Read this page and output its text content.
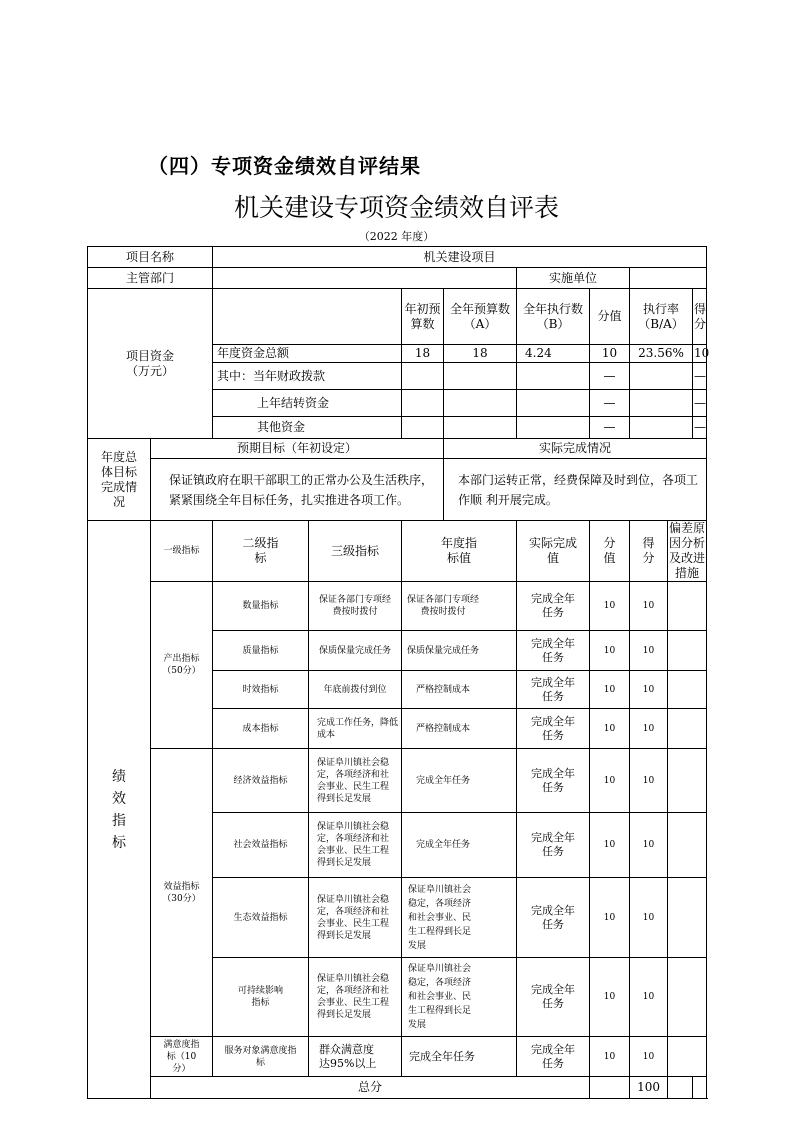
（四）专项资金绩效自评结果
机关建设专项资金绩效自评表
（2022 年度）
项目名称		机关建设项目								
主管部门						实施单位			
项目资金
（万元）				年初预算数	全年预算数（A）	全年执行数（B）	分值	执行率（B/A）		得分
		年度资金总额		18	18	4.24	10	23.56%		10
		其中：当年财政拨款					—			—
		上年结转资金					—			—
		其他资金					—			—
年度总体目标完成情况	预期目标（年初设定）				实际完成情况					
	保证镇政府在职干部职工的正常办公及生活秩序，紧紧围绕全年目标任务，扎实推进各项工作。				本部门运转正常，经费保障及时到位，各项工作顺 利开展完成。					
绩效指标	一级指标	二级指标	三级指标	年度指标值		实际完成值	分值	得分	偏差原因分析及改进措施	
	产出指标（50分）	数量指标	保证各部门专项经费按时拨付	保证各部门专项经费按时拨付		完成全年任务	10	10		
		质量指标	保质保量完成任务	保质保量完成任务		完成全年任务	10	10		
		时效指标	年底前拨付到位	严格控制成本		完成全年任务	10	10		
		成本指标	完成工作任务，降低成本	严格控制成本		完成全年任务	10	10		
	效益指标（30分）	经济效益指标	保证阜川镇社会稳定，各项经济和社会事业、民生工程得到长足发展	完成全年任务		完成全年任务	10	10		
		社会效益指标	保证阜川镇社会稳定，各项经济和社会事业、民生工程得到长足发展	完成全年任务		完成全年任务	10	10		
		生态效益指标	保证阜川镇社会稳定，各项经济和社会事业、民生工程得到长足发展	保证阜川镇社会稳定，各项经济和社会事业、民生工程得到长足发展		完成全年任务	10	10		
		可持续影响指标	保证阜川镇社会稳定，各项经济和社会事业、民生工程得到长足发展	保证阜川镇社会稳定，各项经济和社会事业、民生工程得到长足发展		完成全年任务	10	10		
	满意度指标（10分）	服务对象满意度指标	群众满意度达95%以上	完成全年任务		完成全年任务	10	10		
	总分							100		
